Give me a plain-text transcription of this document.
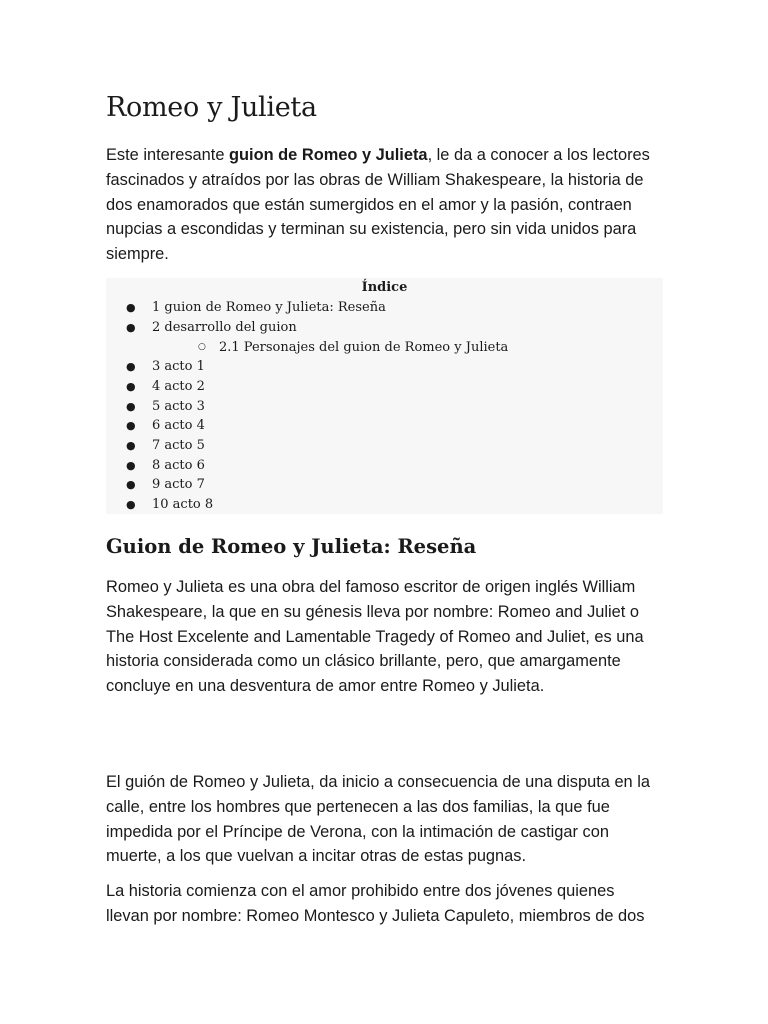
Romeo y Julieta

Este interesante guion de Romeo y Julieta, le da a conocer a los lectores
fascinados y atraídos por las obras de William Shakespeare, la historia de
dos enamorados que están sumergidos en el amor y la pasión, contraen
nupcias a escondidas y terminan su existencia, pero sin vida unidos para
siempre.

Índice
● 1 guion de Romeo y Julieta: Reseña
● 2 desarrollo del guion
○ 2.1 Personajes del guion de Romeo y Julieta
● 3 acto 1
● 4 acto 2
● 5 acto 3
● 6 acto 4
● 7 acto 5
● 8 acto 6
● 9 acto 7
● 10 acto 8
Guion de Romeo y Julieta: Reseña

Romeo y Julieta es una obra del famoso escritor de origen inglés William
Shakespeare, la que en su génesis lleva por nombre: Romeo and Juliet o
The Host Excelente and Lamentable Tragedy of Romeo and Juliet, es una
historia considerada como un clásico brillante, pero, que amargamente
concluye en una desventura de amor entre Romeo y Julieta.

El guión de Romeo y Julieta, da inicio a consecuencia de una disputa en la
calle, entre los hombres que pertenecen a las dos familias, la que fue
impedida por el Príncipe de Verona, con la intimación de castigar con
muerte, a los que vuelvan a incitar otras de estas pugnas.

La historia comienza con el amor prohibido entre dos jóvenes quienes
llevan por nombre: Romeo Montesco y Julieta Capuleto, miembros de dos
